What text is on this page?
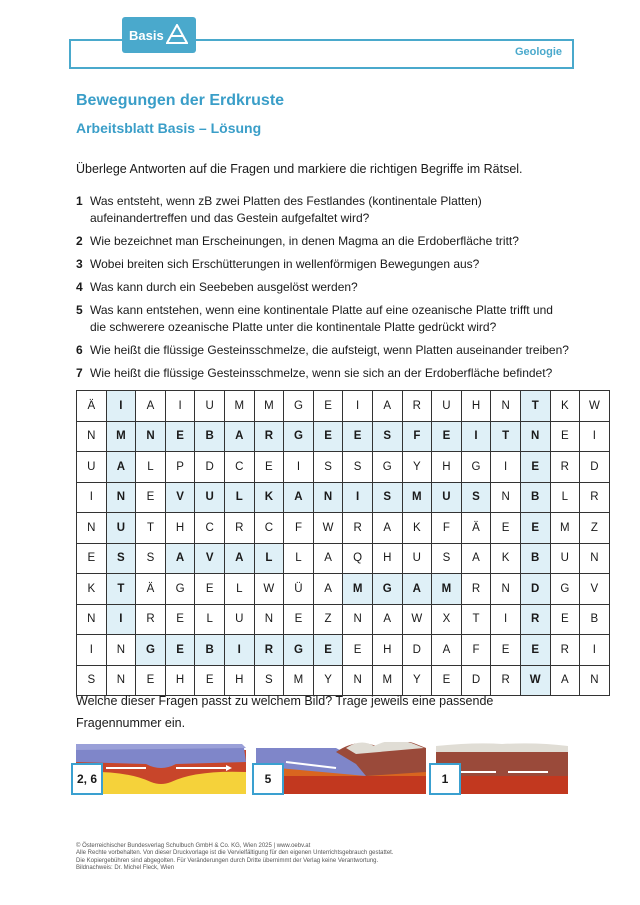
Basis
Geologie
Bewegungen der Erdkruste
Arbeitsblatt Basis – Lösung
Überlege Antworten auf die Fragen und markiere die richtigen Begriffe im Rätsel.
1 Was entsteht, wenn zB zwei Platten des Festlandes (kontinentale Platten)
aufeinandertreffen und das Gestein aufgefaltet wird?
2 Wie bezeichnet man Erscheinungen, in denen Magma an die Erdoberfläche tritt?
3 Wobei breiten sich Erschütterungen in wellenförmigen Bewegungen aus?
4 Was kann durch ein Seebeben ausgelöst werden?
5 Was kann entstehen, wenn eine kontinentale Platte auf eine ozeanische Platte trifft und
die schwerere ozeanische Platte unter die kontinentale Platte gedrückt wird?
6 Wie heißt die flüssige Gesteinsschmelze, die aufsteigt, wenn Platten auseinander treiben?
7 Wie heißt die flüssige Gesteinsschmelze, wenn sie sich an der Erdoberfläche befindet?
Ä	I	A	I	U	M	M	G	E	I	A	R	U	H	N	T	K	W
N	M	N	E	B	A	R	G	E	E	S	F	E	I	T	N	E	I
U	A	L	P	D	C	E	I	S	S	G	Y	H	G	I	E	R	D
I	N	E	V	U	L	K	A	N	I	S	M	U	S	N	B	L	R
N	U	T	H	C	R	C	F	W	R	A	K	F	Ä	E	E	M	Z
E	S	S	A	V	A	L	L	A	Q	H	U	S	A	K	B	U	N
K	T	Ä	G	E	L	W	Ü	A	M	G	A	M	R	N	D	G	V
N	I	R	E	L	U	N	E	Z	N	A	W	X	T	I	R	E	B
I	N	G	E	B	I	R	G	E	E	H	D	A	F	E	E	R	I
S	N	E	H	E	H	S	M	Y	N	M	Y	E	D	R	W	A	N
Welche dieser Fragen passt zu welchem Bild? Trage jeweils eine passende Fragennummer ein.
2, 6	5	1
© Österreichischer Bundesverlag Schulbuch GmbH & Co. KG, Wien 2025 | www.oebv.at
Alle Rechte vorbehalten. Von dieser Druckvorlage ist die Vervielfältigung für den eigenen Unterrichtsgebrauch gestattet.
Die Kopiergebühren sind abgegolten. Für Veränderungen durch Dritte übernimmt der Verlag keine Verantwortung.
Bildnachweis: Dr. Michel Fleck, Wien
